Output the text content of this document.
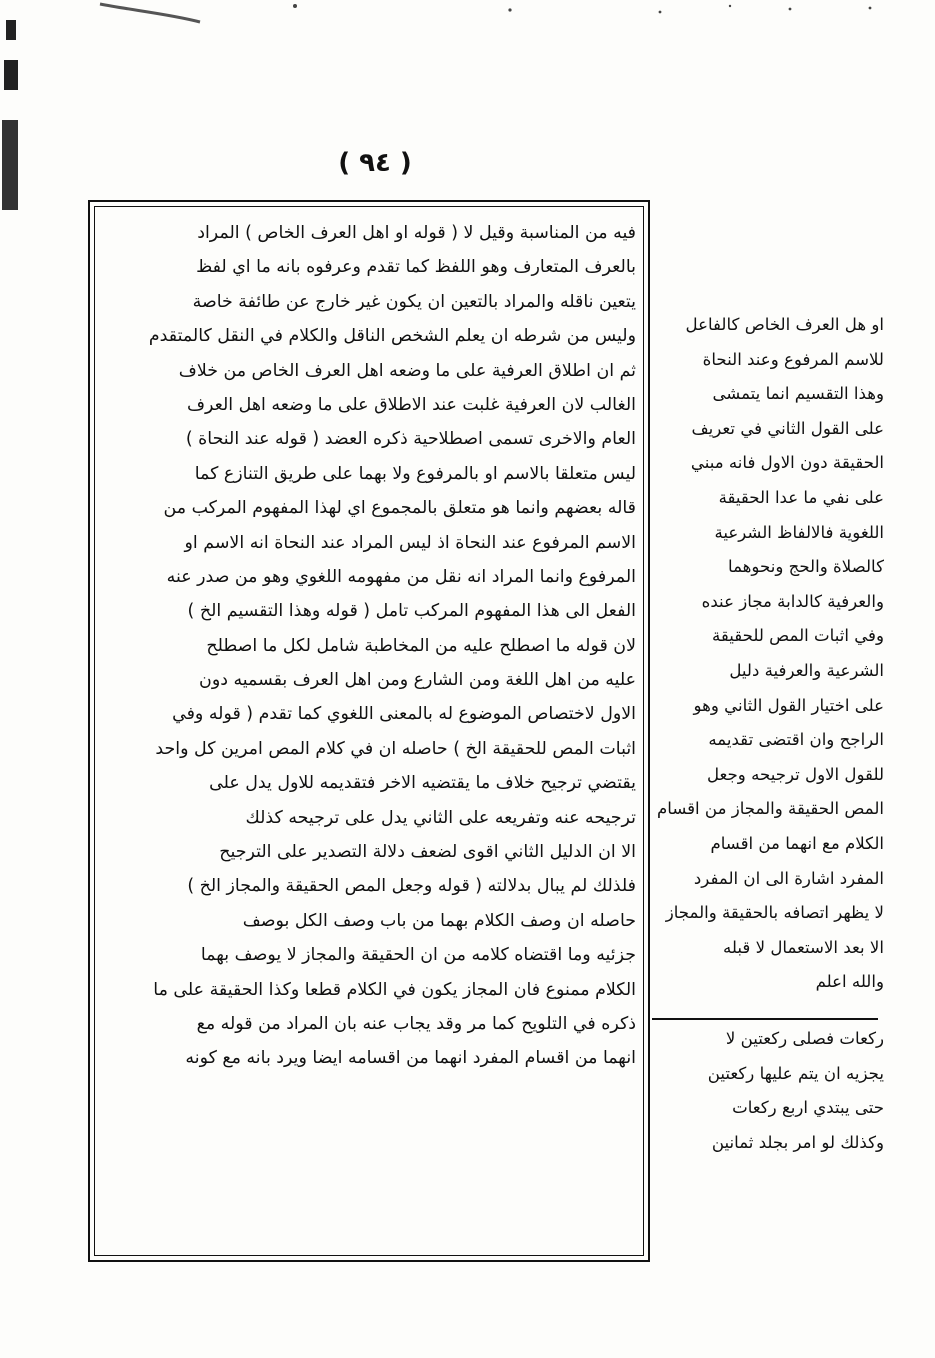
( ٩٤ )
فيه من المناسبة وقيل لا ( قوله او اهل العرف الخاص ) المراد
بالعرف المتعارف وهو اللفظ كما تقدم وعرفوه بانه ما اي لفظ
يتعين ناقله والمراد بالتعين ان يكون غير خارج عن طائفة خاصة
وليس من شرطه ان يعلم الشخص الناقل والكلام في النقل كالمتقدم
ثم ان اطلاق العرفية على ما وضعه اهل العرف الخاص من خلاف
الغالب لان العرفية غلبت عند الاطلاق على ما وضعه اهل العرف
العام والاخرى تسمى اصطلاحية ذكره العضد ( قوله عند النحاة )
ليس متعلقا بالاسم او بالمرفوع ولا بهما على طريق التنازع كما
قاله بعضهم وانما هو متعلق بالمجموع اي لهذا المفهوم المركب من
الاسم المرفوع عند النحاة اذ ليس المراد عند النحاة انه الاسم او
المرفوع وانما المراد انه نقل من مفهومه اللغوي وهو من صدر عنه
الفعل الى هذا المفهوم المركب تامل ( قوله وهذا التقسيم الخ )
لان قوله ما اصطلح عليه من المخاطبة شامل لكل ما اصطلح
عليه من اهل اللغة ومن الشارع ومن اهل العرف بقسميه دون
الاول لاختصاص الموضوع له بالمعنى اللغوي كما تقدم ( قوله وفي
اثبات المص للحقيقة الخ ) حاصله ان في كلام المص امرين كل واحد
يقتضي ترجيح خلاف ما يقتضيه الاخر فتقديمه للاول يدل على
ترجيحه عنه وتفريعه على الثاني يدل على ترجيحه كذلك
الا ان الدليل الثاني اقوى لضعف دلالة التصدير على الترجيح
فلذلك لم يبال بدلالته ( قوله وجعل المص الحقيقة والمجاز الخ )
حاصله ان وصف الكلام بهما من باب وصف الكل بوصف
جزئيه وما اقتضاه كلامه من ان الحقيقة والمجاز لا يوصف بهما
الكلام ممنوع فان المجاز يكون في الكلام قطعا وكذا الحقيقة على ما
ذكره في التلويح كما مر وقد يجاب عنه بان المراد من قوله مع
انهما من اقسام المفرد انهما من اقسامه ايضا ويرد بانه مع كونه
او هل العرف الخاص كالفاعل
للاسم المرفوع وعند النحاة
وهذا التقسيم انما يتمشى
على القول الثاني في تعريف
الحقيقة دون الاول فانه مبني
على نفي ما عدا الحقيقة
اللغوية فالالفاظ الشرعية
كالصلاة والحج ونحوهما
والعرفية كالدابة مجاز عنده
وفي اثبات المص للحقيقة
الشرعية والعرفية دليل
على اختيار القول الثاني وهو
الراجح وان اقتضى تقديمه
للقول الاول ترجيحه وجعل
المص الحقيقة والمجاز من اقسام
الكلام مع انهما من اقسام
المفرد اشارة الى ان المفرد
لا يظهر اتصافه بالحقيقة والمجاز
الا بعد الاستعمال لا قبله
والله اعلم
ركعات فصلى ركعتين لا
يجزيه ان يتم عليها ركعتين
حتى يبتدي اربع ركعات
وكذلك لو امر بجلد ثمانين
